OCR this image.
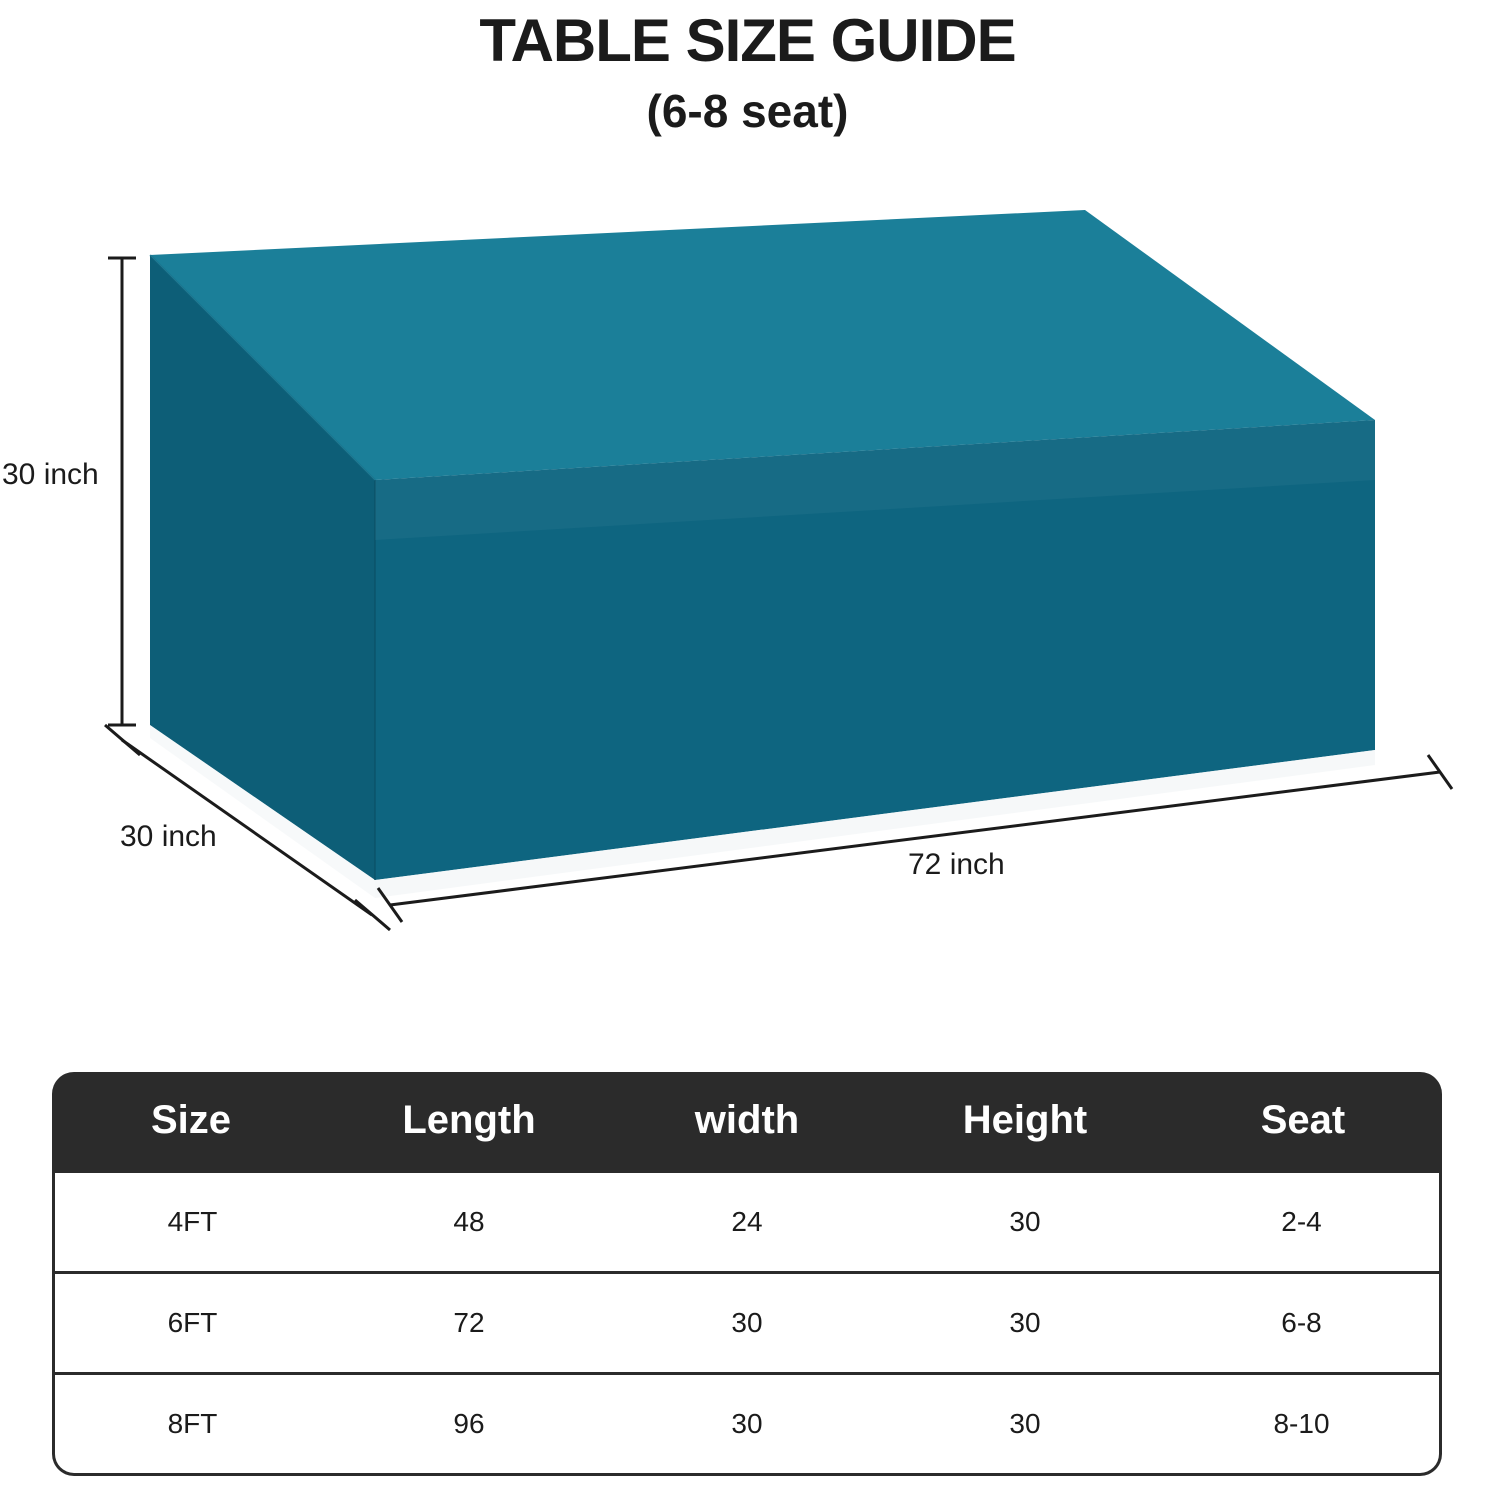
TABLE SIZE GUIDE
(6-8 seat)
30 inch
30 inch
72 inch
Size	Length	width	Height	Seat
4FT	48	24	30	2-4
6FT	72	30	30	6-8
8FT	96	30	30	8-10
